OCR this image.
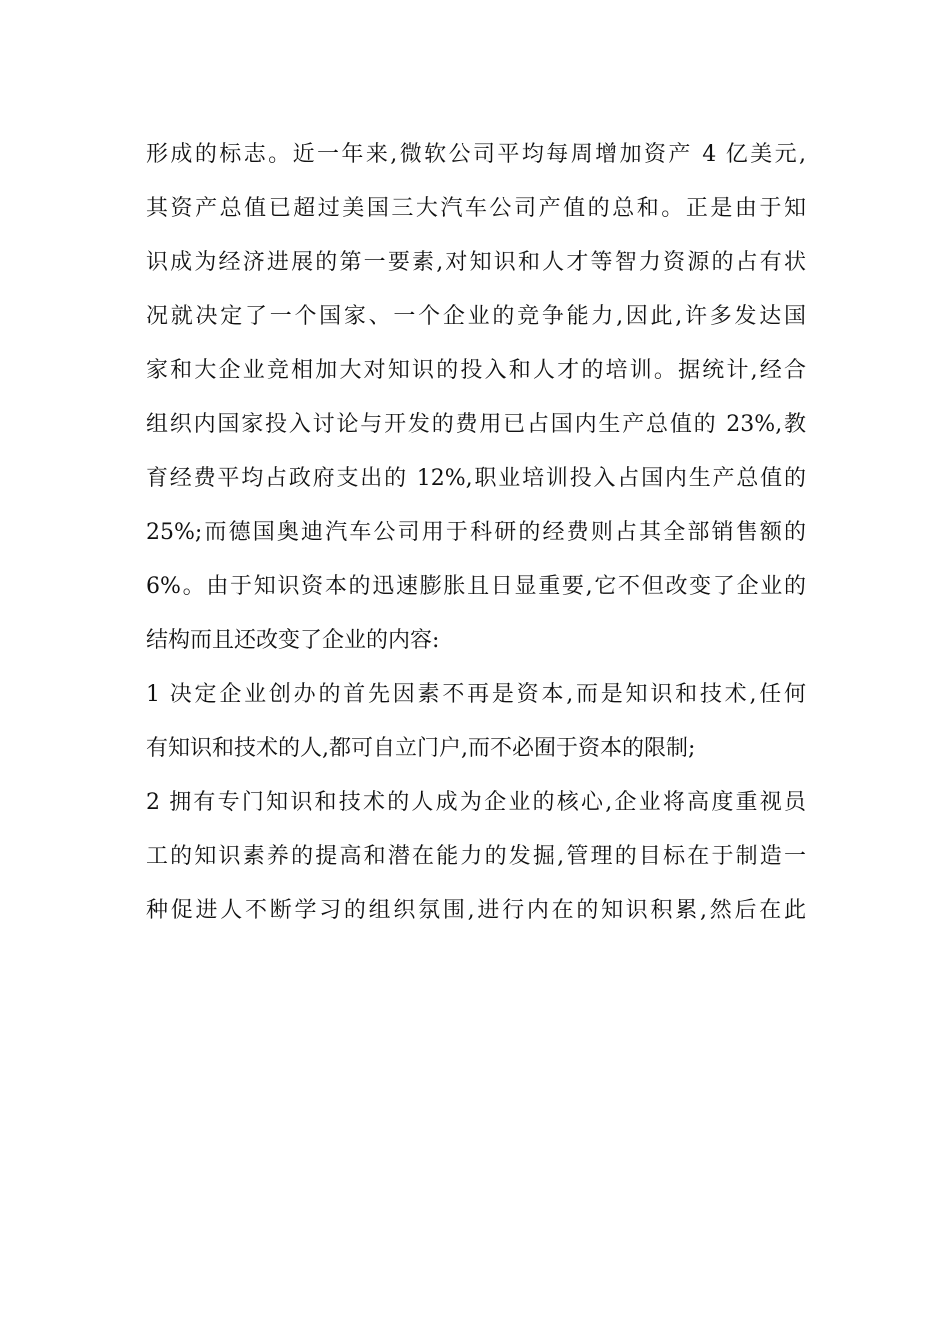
形成的标志。近一年来,微软公司平均每周增加资产 4 亿美元,
其资产总值已超过美国三大汽车公司产值的总和。正是由于知
识成为经济进展的第一要素,对知识和人才等智力资源的占有状
况就决定了一个国家、一个企业的竞争能力,因此,许多发达国
家和大企业竞相加大对知识的投入和人才的培训。据统计,经合
组织内国家投入讨论与开发的费用已占国内生产总值的 23%,教
育经费平均占政府支出的 12%,职业培训投入占国内生产总值的
25%;而德国奥迪汽车公司用于科研的经费则占其全部销售额的
6%。由于知识资本的迅速膨胀且日显重要,它不但改变了企业的
结构而且还改变了企业的内容:
1 决定企业创办的首先因素不再是资本,而是知识和技术,任何
有知识和技术的人,都可自立门户,而不必囿于资本的限制;
2 拥有专门知识和技术的人成为企业的核心,企业将高度重视员
工的知识素养的提高和潜在能力的发掘,管理的目标在于制造一
种促进人不断学习的组织氛围,进行内在的知识积累,然后在此
